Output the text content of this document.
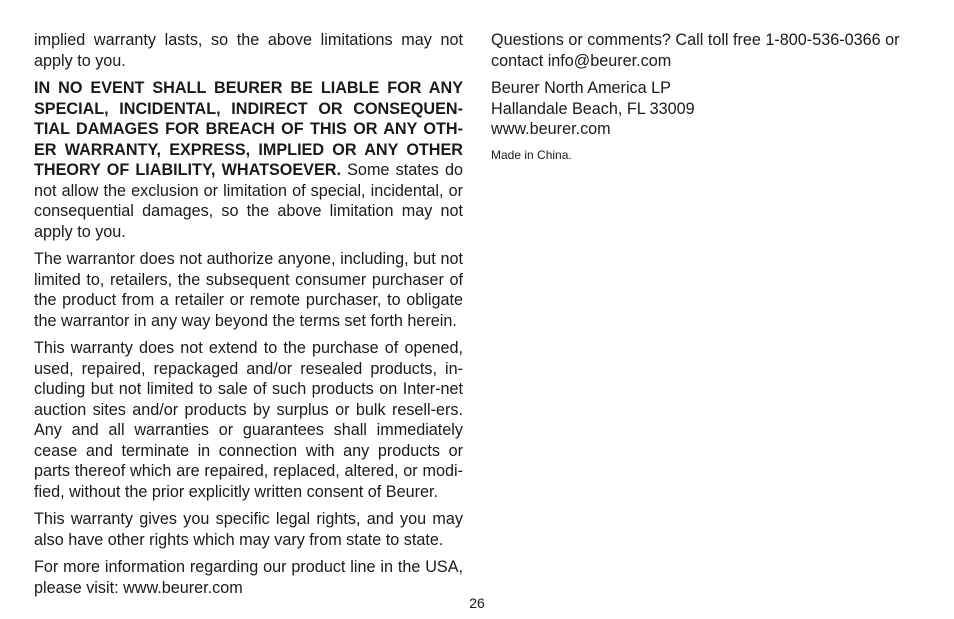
implied warranty lasts, so the above limitations may not apply to you.

IN NO EVENT SHALL BEURER BE LIABLE FOR ANY SPECIAL, INCIDENTAL, INDIRECT OR CONSEQUEN-TIAL DAMAGES FOR BREACH OF THIS OR ANY OTH-ER WARRANTY, EXPRESS, IMPLIED OR ANY OTHER THEORY OF LIABILITY, WHATSOEVER. Some states do not allow the exclusion or limitation of special, incidental, or consequential damages, so the above limitation may not apply to you.

The warrantor does not authorize anyone, including, but not limited to, retailers, the subsequent consumer purchaser of the product from a retailer or remote purchaser, to obligate the warrantor in any way beyond the terms set forth herein.

This warranty does not extend to the purchase of opened, used, repaired, repackaged and/or resealed products, in-cluding but not limited to sale of such products on Inter-net auction sites and/or products by surplus or bulk resell-ers. Any and all warranties or guarantees shall immediately cease and terminate in connection with any products or parts thereof which are repaired, replaced, altered, or modi-fied, without the prior explicitly written consent of Beurer.

This warranty gives you specific legal rights, and you may also have other rights which may vary from state to state.

For more information regarding our product line in the USA, please visit: www.beurer.com

Questions or comments? Call toll free 1-800-536-0366 or contact info@beurer.com

Beurer North America LP
Hallandale Beach, FL 33009
www.beurer.com

Made in China.

26
